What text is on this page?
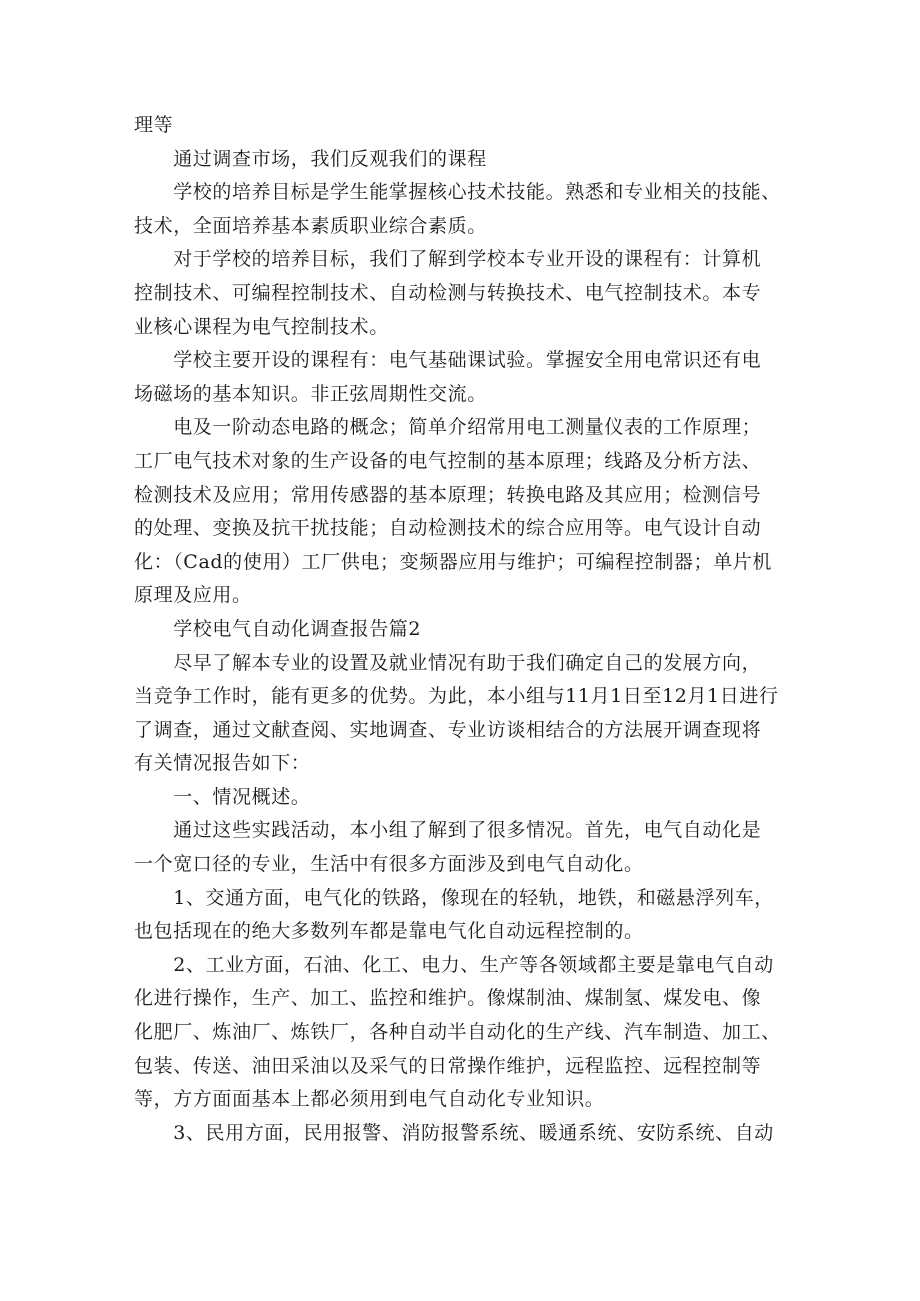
理等
　　通过调查市场，我们反观我们的课程
　　学校的培养目标是学生能掌握核心技术技能。熟悉和专业相关的技能、
技术，全面培养基本素质职业综合素质。
　　对于学校的培养目标，我们了解到学校本专业开设的课程有：计算机
控制技术、可编程控制技术、自动检测与转换技术、电气控制技术。本专
业核心课程为电气控制技术。
　　学校主要开设的课程有：电气基础课试验。掌握安全用电常识还有电
场磁场的基本知识。非正弦周期性交流。
　　电及一阶动态电路的概念；简单介绍常用电工测量仪表的工作原理；
工厂电气技术对象的生产设备的电气控制的基本原理；线路及分析方法、
检测技术及应用；常用传感器的基本原理；转换电路及其应用；检测信号
的处理、变换及抗干扰技能；自动检测技术的综合应用等。电气设计自动
化：（Cad的使用）工厂供电；变频器应用与维护；可编程控制器；单片机
原理及应用。
　　学校电气自动化调查报告篇2
　　尽早了解本专业的设置及就业情况有助于我们确定自己的发展方向，
当竞争工作时，能有更多的优势。为此，本小组与11月1日至12月1日进行
了调查，通过文献查阅、实地调查、专业访谈相结合的方法展开调查现将
有关情况报告如下：
　　一、情况概述。
　　通过这些实践活动，本小组了解到了很多情况。首先，电气自动化是
一个宽口径的专业，生活中有很多方面涉及到电气自动化。
　　1、交通方面，电气化的铁路，像现在的轻轨，地铁，和磁悬浮列车，
也包括现在的绝大多数列车都是靠电气化自动远程控制的。
　　2、工业方面，石油、化工、电力、生产等各领域都主要是靠电气自动
化进行操作，生产、加工、监控和维护。像煤制油、煤制氢、煤发电、像
化肥厂、炼油厂、炼铁厂，各种自动半自动化的生产线、汽车制造、加工、
包装、传送、油田采油以及采气的日常操作维护，远程监控、远程控制等
等，方方面面基本上都必须用到电气自动化专业知识。
　　3、民用方面，民用报警、消防报警系统、暖通系统、安防系统、自动
